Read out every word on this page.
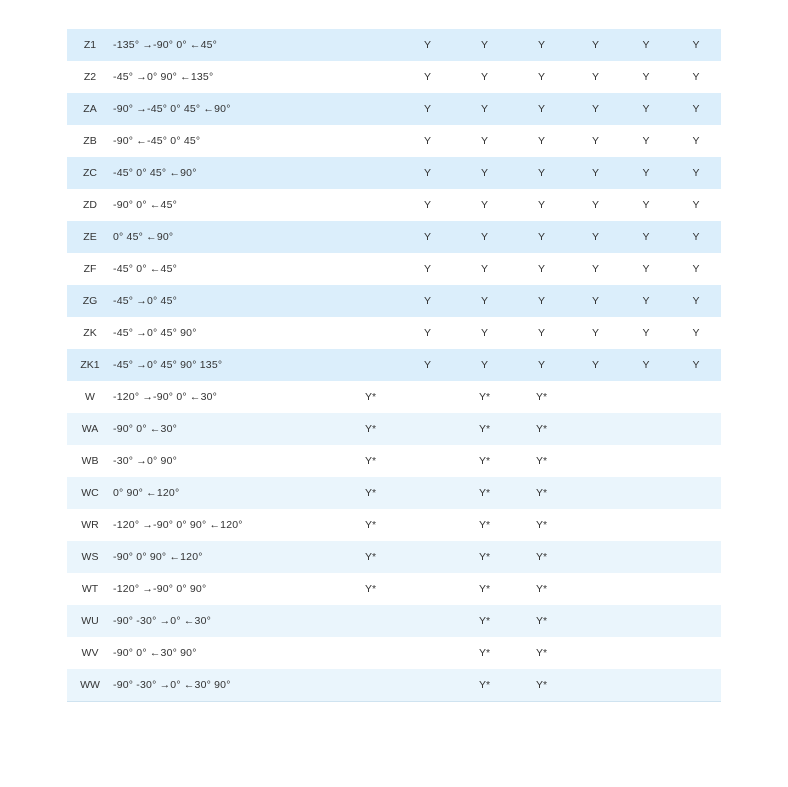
Z1	-135° →-90° 0° ←45°		Y	Y	Y	Y	Y	Y
Z2	-45° →0° 90° ←135°		Y	Y	Y	Y	Y	Y
ZA	-90° →-45° 0° 45° ←90°		Y	Y	Y	Y	Y	Y
ZB	-90° ←-45° 0° 45°		Y	Y	Y	Y	Y	Y
ZC	-45° 0° 45° ←90°		Y	Y	Y	Y	Y	Y
ZD	-90° 0° ←45°		Y	Y	Y	Y	Y	Y
ZE	0° 45° ←90°		Y	Y	Y	Y	Y	Y
ZF	-45° 0° ←45°		Y	Y	Y	Y	Y	Y
ZG	-45° →0° 45°		Y	Y	Y	Y	Y	Y
ZK	-45° →0° 45° 90°		Y	Y	Y	Y	Y	Y
ZK1	-45° →0° 45° 90° 135°		Y	Y	Y	Y	Y	Y
W	-120° →-90° 0° ←30°	Y*		Y*	Y*			
WA	-90° 0° ←30°	Y*		Y*	Y*			
WB	-30° →0° 90°	Y*		Y*	Y*			
WC	0° 90° ←120°	Y*		Y*	Y*			
WR	-120° →-90° 0° 90° ←120°	Y*		Y*	Y*			
WS	-90° 0° 90° ←120°	Y*		Y*	Y*			
WT	-120° →-90° 0° 90°	Y*		Y*	Y*			
WU	-90° -30° →0° ←30°			Y*	Y*			
WV	-90° 0° ←30° 90°			Y*	Y*			
WW	-90° -30° →0° ←30° 90°			Y*	Y*			
